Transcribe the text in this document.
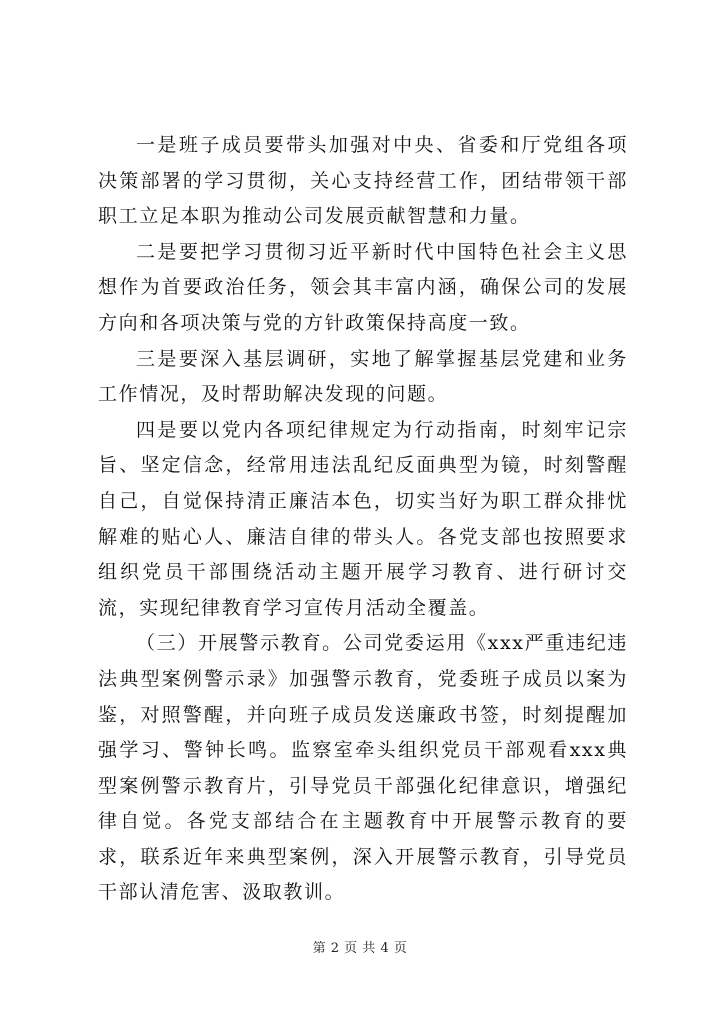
一是班子成员要带头加强对中央、省委和厅党组各项决策部署的学习贯彻，关心支持经营工作，团结带领干部职工立足本职为推动公司发展贡献智慧和力量。

二是要把学习贯彻习近平新时代中国特色社会主义思想作为首要政治任务，领会其丰富内涵，确保公司的发展方向和各项决策与党的方针政策保持高度一致。

三是要深入基层调研，实地了解掌握基层党建和业务工作情况，及时帮助解决发现的问题。

四是要以党内各项纪律规定为行动指南，时刻牢记宗旨、坚定信念，经常用违法乱纪反面典型为镜，时刻警醒自己，自觉保持清正廉洁本色，切实当好为职工群众排忧解难的贴心人、廉洁自律的带头人。各党支部也按照要求组织党员干部围绕活动主题开展学习教育、进行研讨交流，实现纪律教育学习宣传月活动全覆盖。

（三）开展警示教育。公司党委运用《xxx严重违纪违法典型案例警示录》加强警示教育，党委班子成员以案为鉴，对照警醒，并向班子成员发送廉政书签，时刻提醒加强学习、警钟长鸣。监察室牵头组织党员干部观看xxx典型案例警示教育片，引导党员干部强化纪律意识，增强纪律自觉。各党支部结合在主题教育中开展警示教育的要求，联系近年来典型案例，深入开展警示教育，引导党员干部认清危害、汲取教训。

第 2 页 共 4 页
